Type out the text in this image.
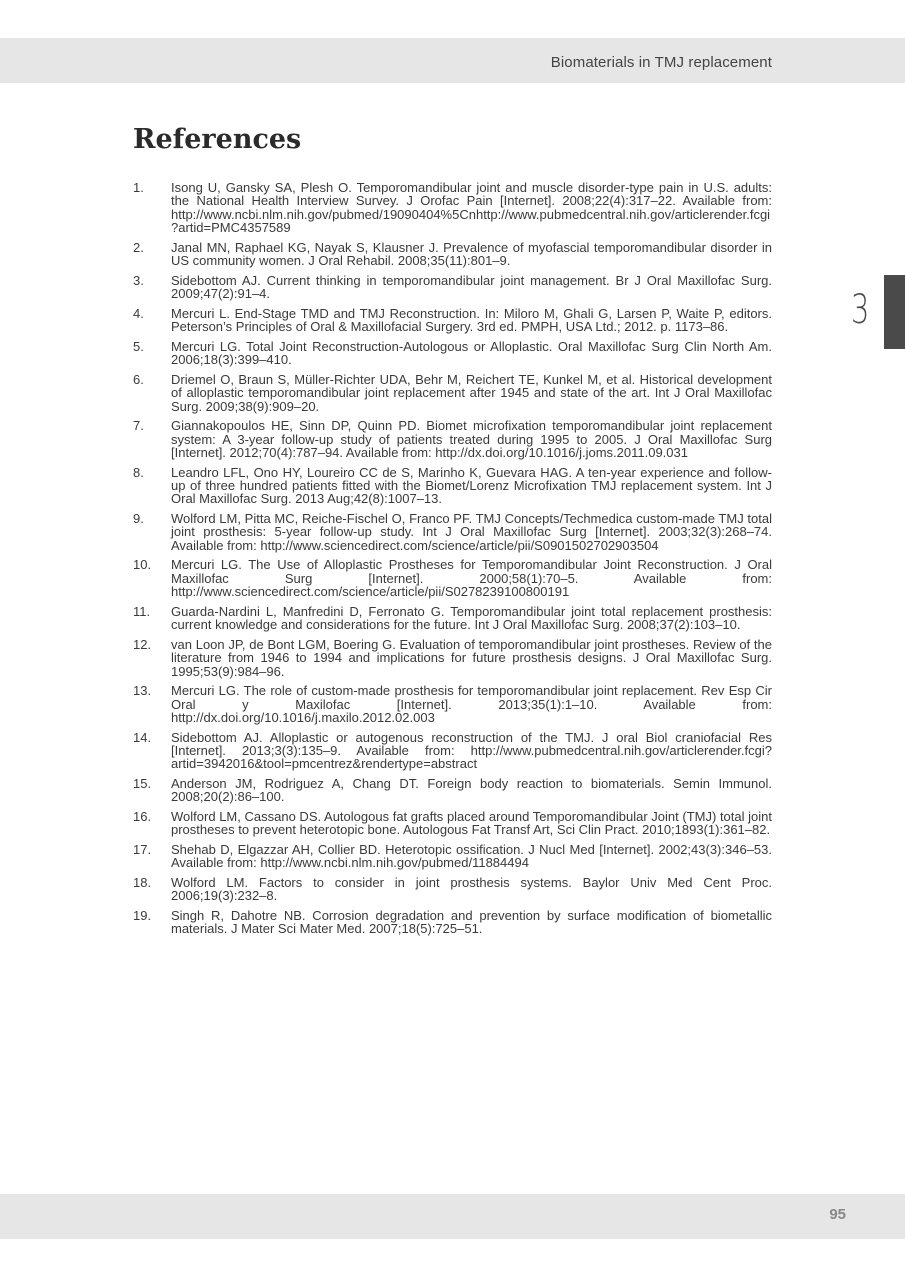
Biomaterials in TMJ replacement
References
3
1.	Isong U, Gansky SA, Plesh O. Temporomandibular joint and muscle disorder-type pain in U.S. adults: the National Health Interview Survey. J Orofac Pain [Internet]. 2008;22(4):317–22. Available from: http://www.ncbi.nlm.nih.gov/pubmed/19090404%5Cnhttp://www.pubmedcentral.nih.gov/articlerender.fcgi?artid=PMC4357589
2.	Janal MN, Raphael KG, Nayak S, Klausner J. Prevalence of myofascial temporomandibular disorder in US community women. J Oral Rehabil. 2008;35(11):801–9.
3.	Sidebottom AJ. Current thinking in temporomandibular joint management. Br J Oral Maxillofac Surg. 2009;47(2):91–4.
4.	Mercuri L. End-Stage TMD and TMJ Reconstruction. In: Miloro M, Ghali G, Larsen P, Waite P, editors. Peterson’s Principles of Oral & Maxillofacial Surgery. 3rd ed. PMPH, USA Ltd.; 2012. p. 1173–86.
5.	Mercuri LG. Total Joint Reconstruction-Autologous or Alloplastic. Oral Maxillofac Surg Clin North Am. 2006;18(3):399–410.
6.	Driemel O, Braun S, Müller-Richter UDA, Behr M, Reichert TE, Kunkel M, et al. Historical development of alloplastic temporomandibular joint replacement after 1945 and state of the art. Int J Oral Maxillofac Surg. 2009;38(9):909–20.
7.	Giannakopoulos HE, Sinn DP, Quinn PD. Biomet microfixation temporomandibular joint replacement system: A 3-year follow-up study of patients treated during 1995 to 2005. J Oral Maxillofac Surg [Internet]. 2012;70(4):787–94. Available from: http://dx.doi.org/10.1016/j.joms.2011.09.031
8.	Leandro LFL, Ono HY, Loureiro CC de S, Marinho K, Guevara HAG. A ten-year experience and follow-up of three hundred patients fitted with the Biomet/Lorenz Microfixation TMJ replacement system. Int J Oral Maxillofac Surg. 2013 Aug;42(8):1007–13.
9.	Wolford LM, Pitta MC, Reiche-Fischel O, Franco PF. TMJ Concepts/Techmedica custom-made TMJ total joint prosthesis: 5-year follow-up study. Int J Oral Maxillofac Surg [Internet]. 2003;32(3):268–74. Available from: http://www.sciencedirect.com/science/article/pii/S0901502702903504
10.	Mercuri LG. The Use of Alloplastic Prostheses for Temporomandibular Joint Reconstruction. J Oral Maxillofac Surg [Internet]. 2000;58(1):70–5. Available from: http://www.sciencedirect.com/science/article/pii/S0278239100800191
11.	Guarda-Nardini L, Manfredini D, Ferronato G. Temporomandibular joint total replacement prosthesis: current knowledge and considerations for the future. Int J Oral Maxillofac Surg. 2008;37(2):103–10.
12.	van Loon JP, de Bont LGM, Boering G. Evaluation of temporomandibular joint prostheses. Review of the literature from 1946 to 1994 and implications for future prosthesis designs. J Oral Maxillofac Surg. 1995;53(9):984–96.
13.	Mercuri LG. The role of custom-made prosthesis for temporomandibular joint replacement. Rev Esp Cir Oral y Maxilofac [Internet]. 2013;35(1):1–10. Available from: http://dx.doi.org/10.1016/j.maxilo.2012.02.003
14.	Sidebottom AJ. Alloplastic or autogenous reconstruction of the TMJ. J oral Biol craniofacial Res [Internet]. 2013;3(3):135–9. Available from: http://www.pubmedcentral.nih.gov/articlerender.fcgi?artid=3942016&tool=pmcentrez&rendertype=abstract
15.	Anderson JM, Rodriguez A, Chang DT. Foreign body reaction to biomaterials. Semin Immunol. 2008;20(2):86–100.
16.	Wolford LM, Cassano DS. Autologous fat grafts placed around Temporomandibular Joint (TMJ) total joint prostheses to prevent heterotopic bone. Autologous Fat Transf Art, Sci Clin Pract. 2010;1893(1):361–82.
17.	Shehab D, Elgazzar AH, Collier BD. Heterotopic ossification. J Nucl Med [Internet]. 2002;43(3):346–53. Available from: http://www.ncbi.nlm.nih.gov/pubmed/11884494
18.	Wolford LM. Factors to consider in joint prosthesis systems. Baylor Univ Med Cent Proc. 2006;19(3):232–8.
19.	Singh R, Dahotre NB. Corrosion degradation and prevention by surface modification of biometallic materials. J Mater Sci Mater Med. 2007;18(5):725–51.
95
